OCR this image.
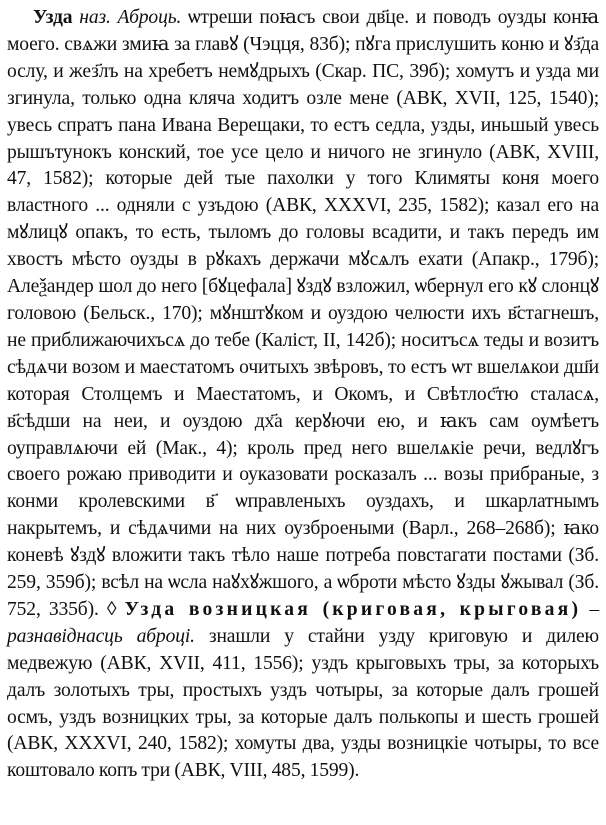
Узда наз. Аброць. ѡтреши поꙗсъ свои дв҃це. и поводъ оузды конꙗ моего. свѧжи змиꙗ за главꙋ (Чэцця, 83б); пꙋга прислушить коню и ꙋз҃да ослу, и жез҃лъ на хребетъ немꙋдрыхъ (Скар. ПС, 39б); хомутъ и узда ми згинула, только одна кляча ходитъ озле мене (АВК, XVII, 125, 1540); увесь спратъ пана Ивана Верещаки, то естъ седла, узды, иньшый увесь рышътунокъ конский, тое усе цело и ничого не згинуло (АВК, XVIII, 47, 1582); которые дей тые пахолки у того Климяты коня моего властного ... одняли с узъдою (АВК, XXXVI, 235, 1582); казал его на мꙋлицꙋ опакъ, то есть, тыломъ до головы всадити, и такъ передъ им хвостъ мѣсто оузды в рꙋкахъ держачи мꙋсѧлъ ехати (Апакр., 179б); Алеѯандер шол до него [бꙋцефала] ꙋздꙋ взложил, ѡбернул его кꙋ слонцꙋ головою (Бельск., 170); мꙋнштꙋком и оуздою челюсти ихъ в҃стагнешъ, не приближаючихъсѧ до тебе (Каліст, II, 142б); носитъсѧ теды и возитъ сѣдѧчи возом и маестатомъ очитыхъ звѣровъ, то естъ ѡт вшелѧкои дш҃и которая Столцемъ и Маестатомъ, и Окомъ, и Свѣтлос҃тю сталасѧ, в҃сѣдши на неи, и оуздою дх҃а керꙋючи ею, и ꙗкъ сам оумѣетъ оуправлѧючи ей (Мак., 4); кроль пред него вшелѧкіе речи, ведлꙋгъ своего рожаю приводити и оуказовати росказалъ ... возы прибраные, з конми кролевскими в҃ ѡправленыхъ оуздахъ, и шкарлатнымъ накрытемъ, и сѣдѧчими на них оузброеными (Варл., 268–268б); ꙗко коневѣ ꙋздꙋ вложити такъ тѣло наше потреба повстагати постами (Зб. 259, 359б); всѣл на ѡсла наꙋхꙋжшого, а ѡброти мѣсто ꙋзды ꙋжывал (Зб. 752, 335б). ◊ Узда возницкая (криговая, крыговая) – разнавіднасць аброці. знашли у стайни узду криговую и дилею медвежую (АВК, XVII, 411, 1556); уздъ крыговыхъ тры, за которыхъ далъ золотыхъ тры, простыхъ уздъ чотыры, за которые далъ грошей осмъ, уздъ возницких тры, за которые далъ полькопы и шесть грошей (АВК, XXXVI, 240, 1582); хомуты два, узды возницкіе чотыры, то все коштовало копъ три (АВК, VIII, 485, 1599).
